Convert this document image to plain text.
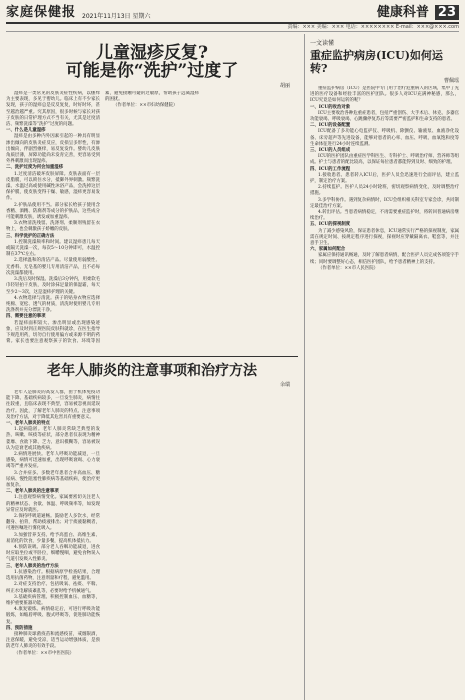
家庭保健报 2021年11月13日 星期六	健康科普 23
责编：××× 美编：××× 电话：×××××××× E-mail：×××@×××.com
儿童湿疹反复?
可能是你“洗护”过度了
胡丽

湿疹是一类常见的皮肤炎症性疾病，以瘙痒为主要表现，多见于婴幼儿。临床上有不少家长发现，孩子的湿疹总是反反复复，时好时坏，甚至越治越严重。究其原因，很多时候与家长对孩子皮肤的日常护理方式不当有关，尤其是过度清洁、频繁洗澡等“洗护”过度的问题。

一、什么是儿童湿疹

湿疹是由多种内外因素引起的一种具有明显渗出倾向的皮肤炎症反应，皮损呈多形性，有渗出倾向，伴剧烈瘙痒，易反复发作。婴幼儿皮肤角质层薄，屏障功能尚未发育完善，更容易受到外界刺激而出现湿疹。

二、洗护过度为何会加重湿疹

1.过度清洁破坏皮肤屏障。皮肤表面有一层皮脂膜，可以锁住水分，抵御外界刺激。频繁洗澡、水温过高或使用碱性沐浴产品，会洗掉这层保护膜，使皮肤变得干燥、敏感，湿疹更容易发作。

2.护肤品使用不当。部分家长给孩子使用含香精、酒精、防腐剂等成分的护肤品，这些成分可能刺激皮肤，诱发或加重湿疹。

3.衣物清洗残留。洗涤剂、柔顺剂残留在衣物上，也会刺激孩子娇嫩的皮肤。

三、科学洗护的正确方法

1.控制洗澡频率和时间。建议湿疹患儿每天或隔天洗澡一次，每次5～10分钟即可，水温控制在37℃左右。

2.选择温和的清洁产品。尽量使用弱酸性、无香料、无皂基的婴儿专用清洁产品，且不必每次洗澡都使用。

3.洗后及时保湿。洗澡后3分钟内，用柔软毛巾轻轻拍干皮肤，及时涂抹足量的保湿霜，每天至少2～3次，这是湿疹护理的关键。

4.衣物选择与清洗。孩子的贴身衣物应选择纯棉、宽松、透气的材质，清洗时使用婴儿专用洗涤剂并充分漂洗干净。

四、需要注意的事项

若湿疹面积较大、渗出明显或出现感染迹象，应及时到正规医院皮肤科就诊，在医生指导下规范用药，切勿自行使用偏方或来源不明的药膏。家长也要注意观察孩子的饮食、环境等因素，避免接触可疑的过敏原，帮助孩子远离湿疹的困扰。

（作者单位：××市妇幼保健院）

老年人肺炎的注意事项和治疗方法
余瑞

老年人是肺炎的高发人群，由于机体免疫功能下降、基础疾病较多，一旦发生肺炎，病情往往较重，且临床表现不典型，容易被忽视而延误治疗。因此，了解老年人肺炎的特点、注意事项及治疗方法，对于降低其危害具有重要意义。

一、老年人肺炎的特点

1.起病隐匿。老年人肺炎常缺乏典型的发热、咳嗽、咳痰等症状，部分患者仅表现为精神萎靡、食欲下降、乏力、意识模糊等，容易被误认为是衰老或其他疾病。

2.病情进展快。老年人呼吸功能减退，一旦感染，病情可迅速加重，出现呼吸衰竭、心力衰竭等严重并发症。

3.合并症多。多数老年患者合并高血压、糖尿病、慢性阻塞性肺疾病等基础疾病，使治疗更加复杂。

二、老年人肺炎的注意事项

1.注意观察病情变化。家属要密切关注老人的精神状态、食欲、体温、呼吸频率等，如发现异常应及时就医。

2.保持呼吸道通畅。鼓励老人多饮水，经常翻身、拍背，帮助痰液排出；对于痰液黏稠者，可遵医嘱进行雾化吸入。

3.加强营养支持。给予高蛋白、高维生素、易消化的饮食，少量多餐，提高机体抵抗力。

4.预防误吸。部分老人吞咽功能减退，进食时应取坐位或半卧位，细嚼慢咽，避免食物误入气道引发吸入性肺炎。

三、老年人肺炎的治疗方法

1.抗感染治疗。根据病原学检查结果，合理选用抗菌药物，注意剂量和疗程，避免滥用。

2.对症支持治疗。包括吸氧、祛痰、平喘、纠正水电解质紊乱等，必要时给予机械通气。

3.基础疾病管理。积极控制血压、血糖等，维护重要脏器功能。

4.康复锻炼。病情稳定后，可进行呼吸功能锻炼，如缩唇呼吸、腹式呼吸等，促进肺功能恢复。

四、预防措施

接种肺炎球菌疫苗和流感疫苗，戒烟限酒，注意保暖，避免受凉，适当运动增强体质，是预防老年人肺炎的有效手段。

（作者单位：××市中医医院）

一文读懂
重症监护病房(ICU)如何运转?
曹佩瑶

重症监护病房（ICU）是医院中专门用于治疗危重病人的区域，集中了先进的医疗设备和经验丰富的医护团队。很多人对ICU充满神秘感，那么，ICU究竟是如何运转的呢？

一、ICU的收治对象

ICU主要收治各种危重症患者，包括严重创伤、大手术后、休克、多器官功能衰竭、呼吸衰竭、心跳骤停复苏后等需要严密监护和生命支持的患者。

二、ICU的设备配置

ICU配备了多功能心电监护仪、呼吸机、除颤仪、输液泵、血液净化设备、床旁超声等先进设备，能够对患者的心率、血压、呼吸、血氧饱和度等生命体征进行24小时连续监测。

三、ICU的人员组成

ICU的医护团队由重症医学科医生、专科护士、呼吸治疗师、营养师等组成。护士与患者的配比较高，以保证每位患者都能得到及时、细致的护理。

四、ICU的工作流程

1.接收患者。患者转入ICU后，医护人员会迅速进行全面评估，建立监护，制定治疗方案。

2.持续监护。医护人员24小时轮班，密切观察病情变化，及时调整治疗措施。

3.多学科协作。遇到复杂病情时，ICU会组织相关科室专家会诊，共同制定最佳治疗方案。

4.转出评估。当患者病情稳定，不再需要重症监护时，将转回普通病房继续治疗。

五、ICU的探视制度

为了减少感染风险，保证患者休息，ICU通常实行严格的探视制度，家属需在规定时间、按规定程序进行探视，探视时应穿戴隔离衣、鞋套等，并注意手卫生。

六、家属如何配合

家属应保持通讯畅通，及时了解患者病情，配合医护人员完成各项签字手续；同时要调整好心态，相信医护团队，给予患者精神上的支持。

（作者单位：××市人民医院）
